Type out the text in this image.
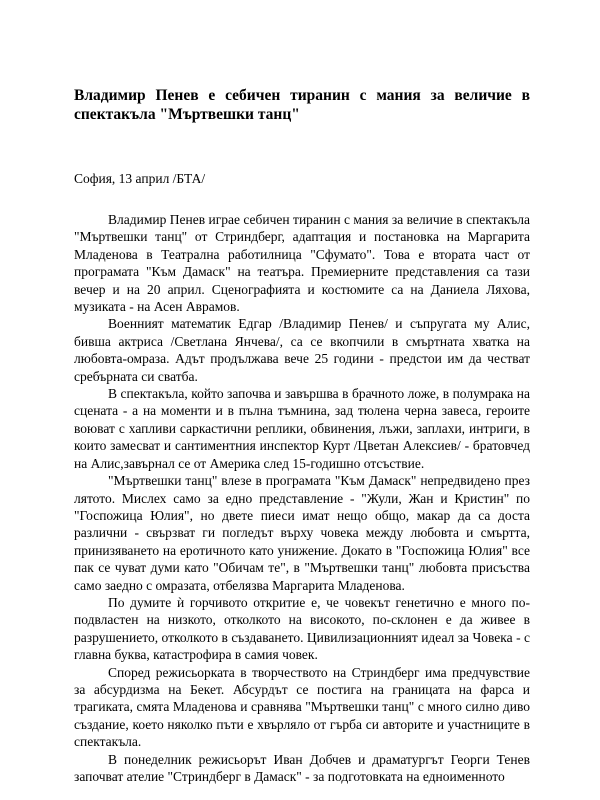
Владимир Пенев е себичен тиранин с мания за величие в спектакъла "Мъртвешки танц"

София, 13 април /БТА/

Владимир Пенев играе себичен тиранин с мания за величие в спектакъла "Мъртвешки танц" от Стриндберг, адаптация и постановка на Маргарита Младенова в Театрална работилница "Сфумато". Това е втората част от програмата "Към Дамаск" на театъра. Премиерните представления са тази вечер и на 20 април. Сценографията и костюмите са на Даниела Ляхова, музиката - на Асен Аврамов.

Военният математик Едгар /Владимир Пенев/ и съпругата му Алис, бивша актриса /Светлана Янчева/, са се вкопчили в смъртната хватка на любовта-омраза. Адът продължава вече 25 години - предстои им да честват сребърната си сватба.

В спектакъла, който започва и завършва в брачното ложе, в полумрака на сцената - а на моменти и в пълна тъмнина, зад тюлена черна завеса, героите воюват с хапливи саркастични реплики, обвинения, лъжи, заплахи, интриги, в които замесват и сантиментния инспектор Курт /Цветан Алексиев/ - братовчед на Алис,завърнал се от Америка след 15-годишно отсъствие.

"Мъртвешки танц" влезе в програмата "Към Дамаск" непредвидено през лятото. Мислех само за едно представление - "Жули, Жан и Кристин" по "Госпожица Юлия", но двете пиеси имат нещо общо, макар да са доста различни - свързват ги погледът върху човека между любовта и смъртта, принизяването на еротичното като унижение. Докато в "Госпожица Юлия" все пак се чуват думи като "Обичам те", в "Мъртвешки танц" любовта присъства само заедно с омразата, отбелязва Маргарита Младенова.

По думите ѝ горчивото откритие е, че човекът генетично е много по-подвластен на низкото, отколкото на високото, по-склонен е да живее в разрушението, отколкото в създаването. Цивилизационният идеал за Човека - с главна буква, катастрофира в самия човек.

Според режисьорката в творчеството на Стриндберг има предчувствие за абсурдизма на Бекет. Абсурдът се постига на границата на фарса и трагиката, смята Младенова и сравнява "Мъртвешки танц" с много силно диво създание, което няколко пъти е хвърляло от гърба си авторите и участниците в спектакъла.

В понеделник режисьорът Иван Добчев и драматургът Георги Тенев започват ателие "Стриндберг в Дамаск" - за подготовката на едноименното
